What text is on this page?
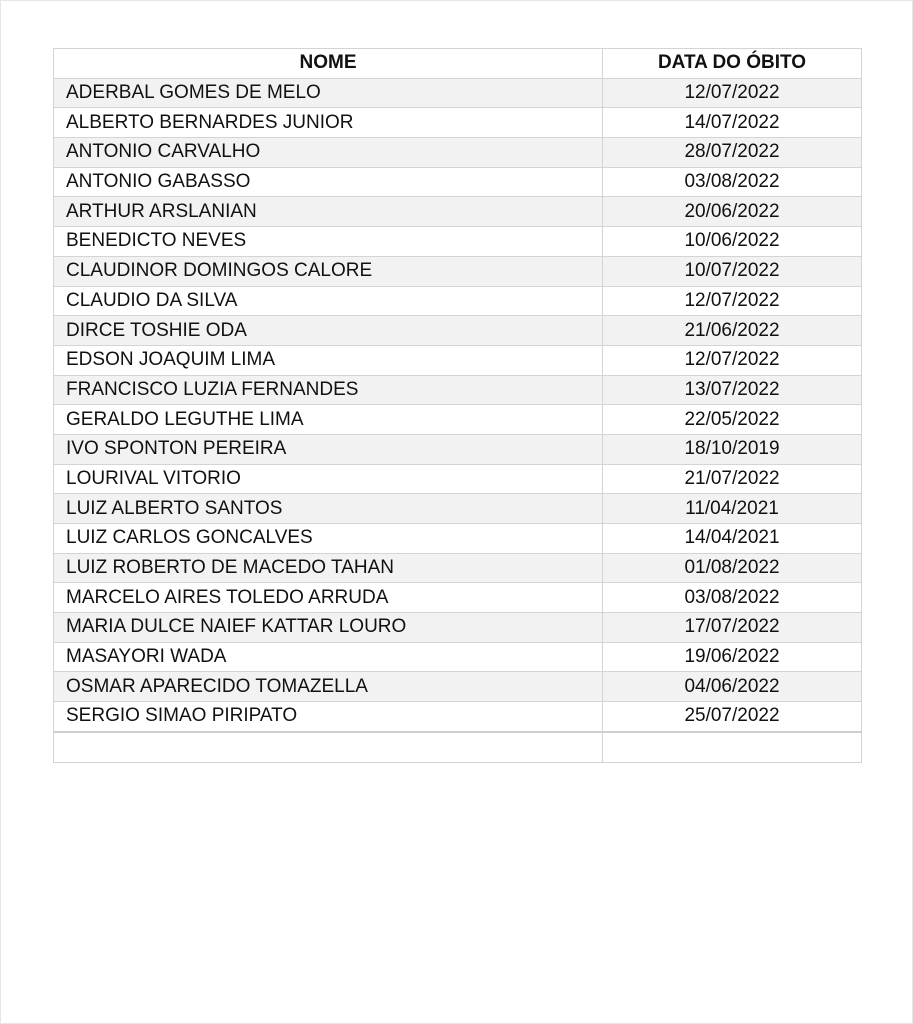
NOME	DATA DO ÓBITO
ADERBAL GOMES DE MELO	12/07/2022
ALBERTO BERNARDES JUNIOR	14/07/2022
ANTONIO CARVALHO	28/07/2022
ANTONIO GABASSO	03/08/2022
ARTHUR ARSLANIAN	20/06/2022
BENEDICTO NEVES	10/06/2022
CLAUDINOR DOMINGOS CALORE	10/07/2022
CLAUDIO DA SILVA	12/07/2022
DIRCE TOSHIE ODA	21/06/2022
EDSON JOAQUIM LIMA	12/07/2022
FRANCISCO LUZIA FERNANDES	13/07/2022
GERALDO LEGUTHE LIMA	22/05/2022
IVO SPONTON PEREIRA	18/10/2019
LOURIVAL VITORIO	21/07/2022
LUIZ ALBERTO SANTOS	11/04/2021
LUIZ CARLOS GONCALVES	14/04/2021
LUIZ ROBERTO DE MACEDO TAHAN	01/08/2022
MARCELO AIRES TOLEDO ARRUDA	03/08/2022
MARIA DULCE NAIEF KATTAR LOURO	17/07/2022
MASAYORI WADA	19/06/2022
OSMAR APARECIDO TOMAZELLA	04/06/2022
SERGIO SIMAO PIRIPATO	25/07/2022
